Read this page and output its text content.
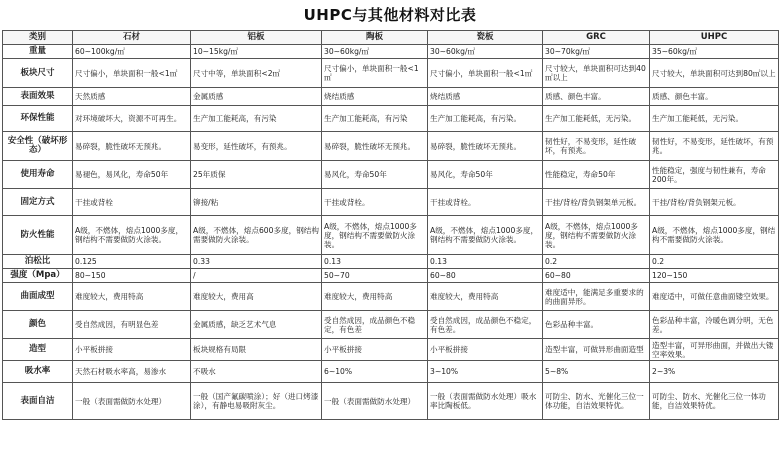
UHPC与其他材料对比表
类别	石材	铝板	陶板	瓷板	GRC	UHPC
重量	60~100kg/㎡	10~15kg/㎡	30~60kg/㎡	30~60kg/㎡	30~70kg/㎡	35~60kg/㎡
板块尺寸	尺寸偏小，单块面积一般<1㎡	尺寸中等，单块面积<2㎡	尺寸偏小，单块面积一般<1㎡	尺寸偏小，单块面积一般<1㎡	尺寸较大，单块面积可达到40㎡以上	尺寸较大，单块面积可达到80㎡以上
表面效果	天然质感	金属质感	烧结质感	烧结质感	质感、颜色丰富。	质感、颜色丰富。
环保性能	对环境破坏大，资源不可再生。	生产加工能耗高，有污染	生产加工能耗高，有污染	生产加工能耗高，有污染。	生产加工能耗低，无污染。	生产加工能耗低，无污染。
安全性（破坏形态）	易碎裂，脆性破坏无预兆。	易变形，延性破坏，有预兆。	易碎裂，脆性破坏无预兆。	易碎裂，脆性破坏无预兆。	韧性好，不易变形，延性破坏，有预兆。	韧性好，不易变形，延性破坏，有预兆。
使用寿命	易褪色，易风化，寿命50年	25年质保	易风化，寿命50年	易风化，寿命50年	性能稳定，寿命50年	性能稳定，强度与韧性兼有，寿命200年。
固定方式	干挂或背栓	铆接/粘	干挂或背栓。	干挂或背栓。	干挂/背栓/背负钢架单元板。	干挂/背栓/背负钢架元板。
防火性能	A级，不燃体，熔点1000多度，钢结构不需要做防火涂装。	A级，不燃体，熔点600多度，钢结构需要做防火涂装。	A级，不燃体，熔点1000多度，钢结构不需要做防火涂装。	A级，不燃体，熔点1000多度，钢结构不需要做防火涂装。	A级，不燃体，熔点1000多度，钢结构不需要做防火涂装。	A级，不燃体，熔点1000多度，钢结构不需要做防火涂装。
泊松比	0.125	0.33	0.13	0.13	0.2	0.2
强度（Mpa）	80~150	/	50~70	60~80	60~80	120~150
曲面成型	难度较大，费用特高	难度较大，费用高	难度较大，费用特高	难度较大，费用特高	难度适中，能满足多重要求的的曲面异形。	难度适中，可做任意曲面镂空效果。
颜色	受自然成因，有明显色差	金属质感，缺乏艺术气息	受自然成因，成品颜色不稳定，有色差	受自然成因，成品颜色不稳定，有色差。	色彩品种丰富。	色彩品种丰富，冷暖色调分明，无色差。
造型	小平板拼接	板块规格有局限	小平板拼接	小平板拼接	造型丰富，可做异形曲面造型	造型丰富，可异形曲面，并做出大镂空率效果。
吸水率	天然石材吸水率高，易渗水	不吸水	6~10%	3~10%	5~8%	2~3%
表面自洁	一般（表面需做防水处理）	一般（国产氟碳喷涂）；好（进口烤漆涂），有静电易吸附灰尘。	一般（表面需做防水处理）	一般（表面需做防水处理）吸水率比陶板低。	可防尘、防水、光催化三位一体功能，自洁效果特优。	可防尘、防水、光催化三位一体功能，自洁效果特优。
